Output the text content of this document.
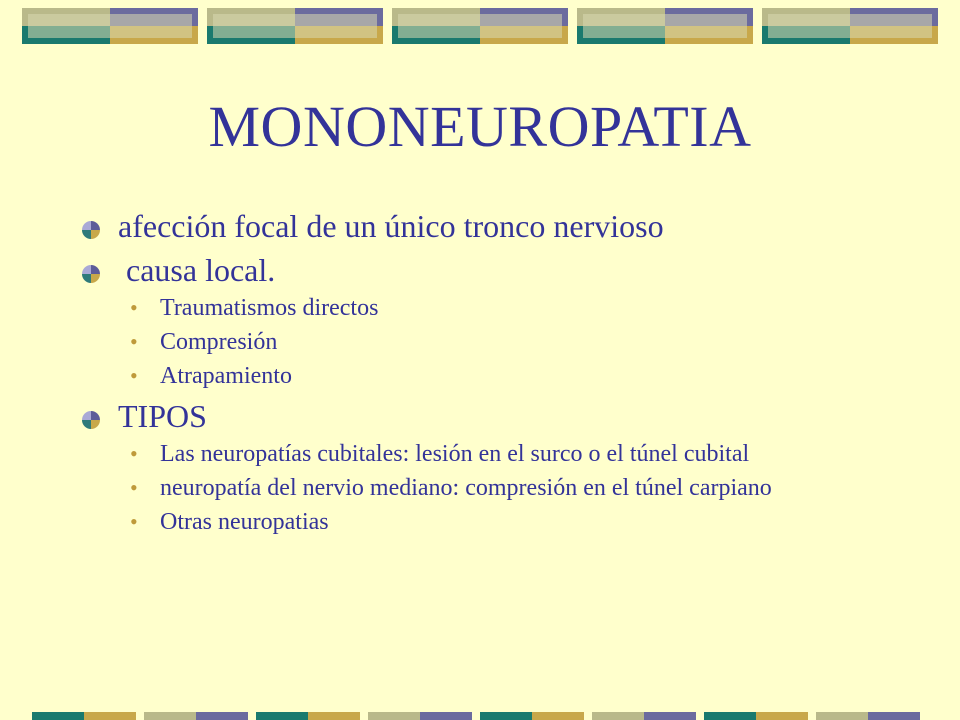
MONONEUROPATIA
afección focal de un único tronco nervioso
causa local.
• Traumatismos directos
• Compresión
• Atrapamiento
TIPOS
• Las neuropatías cubitales: lesión en el surco o el túnel cubital
• neuropatía del nervio mediano: compresión en el túnel carpiano
• Otras neuropatias
